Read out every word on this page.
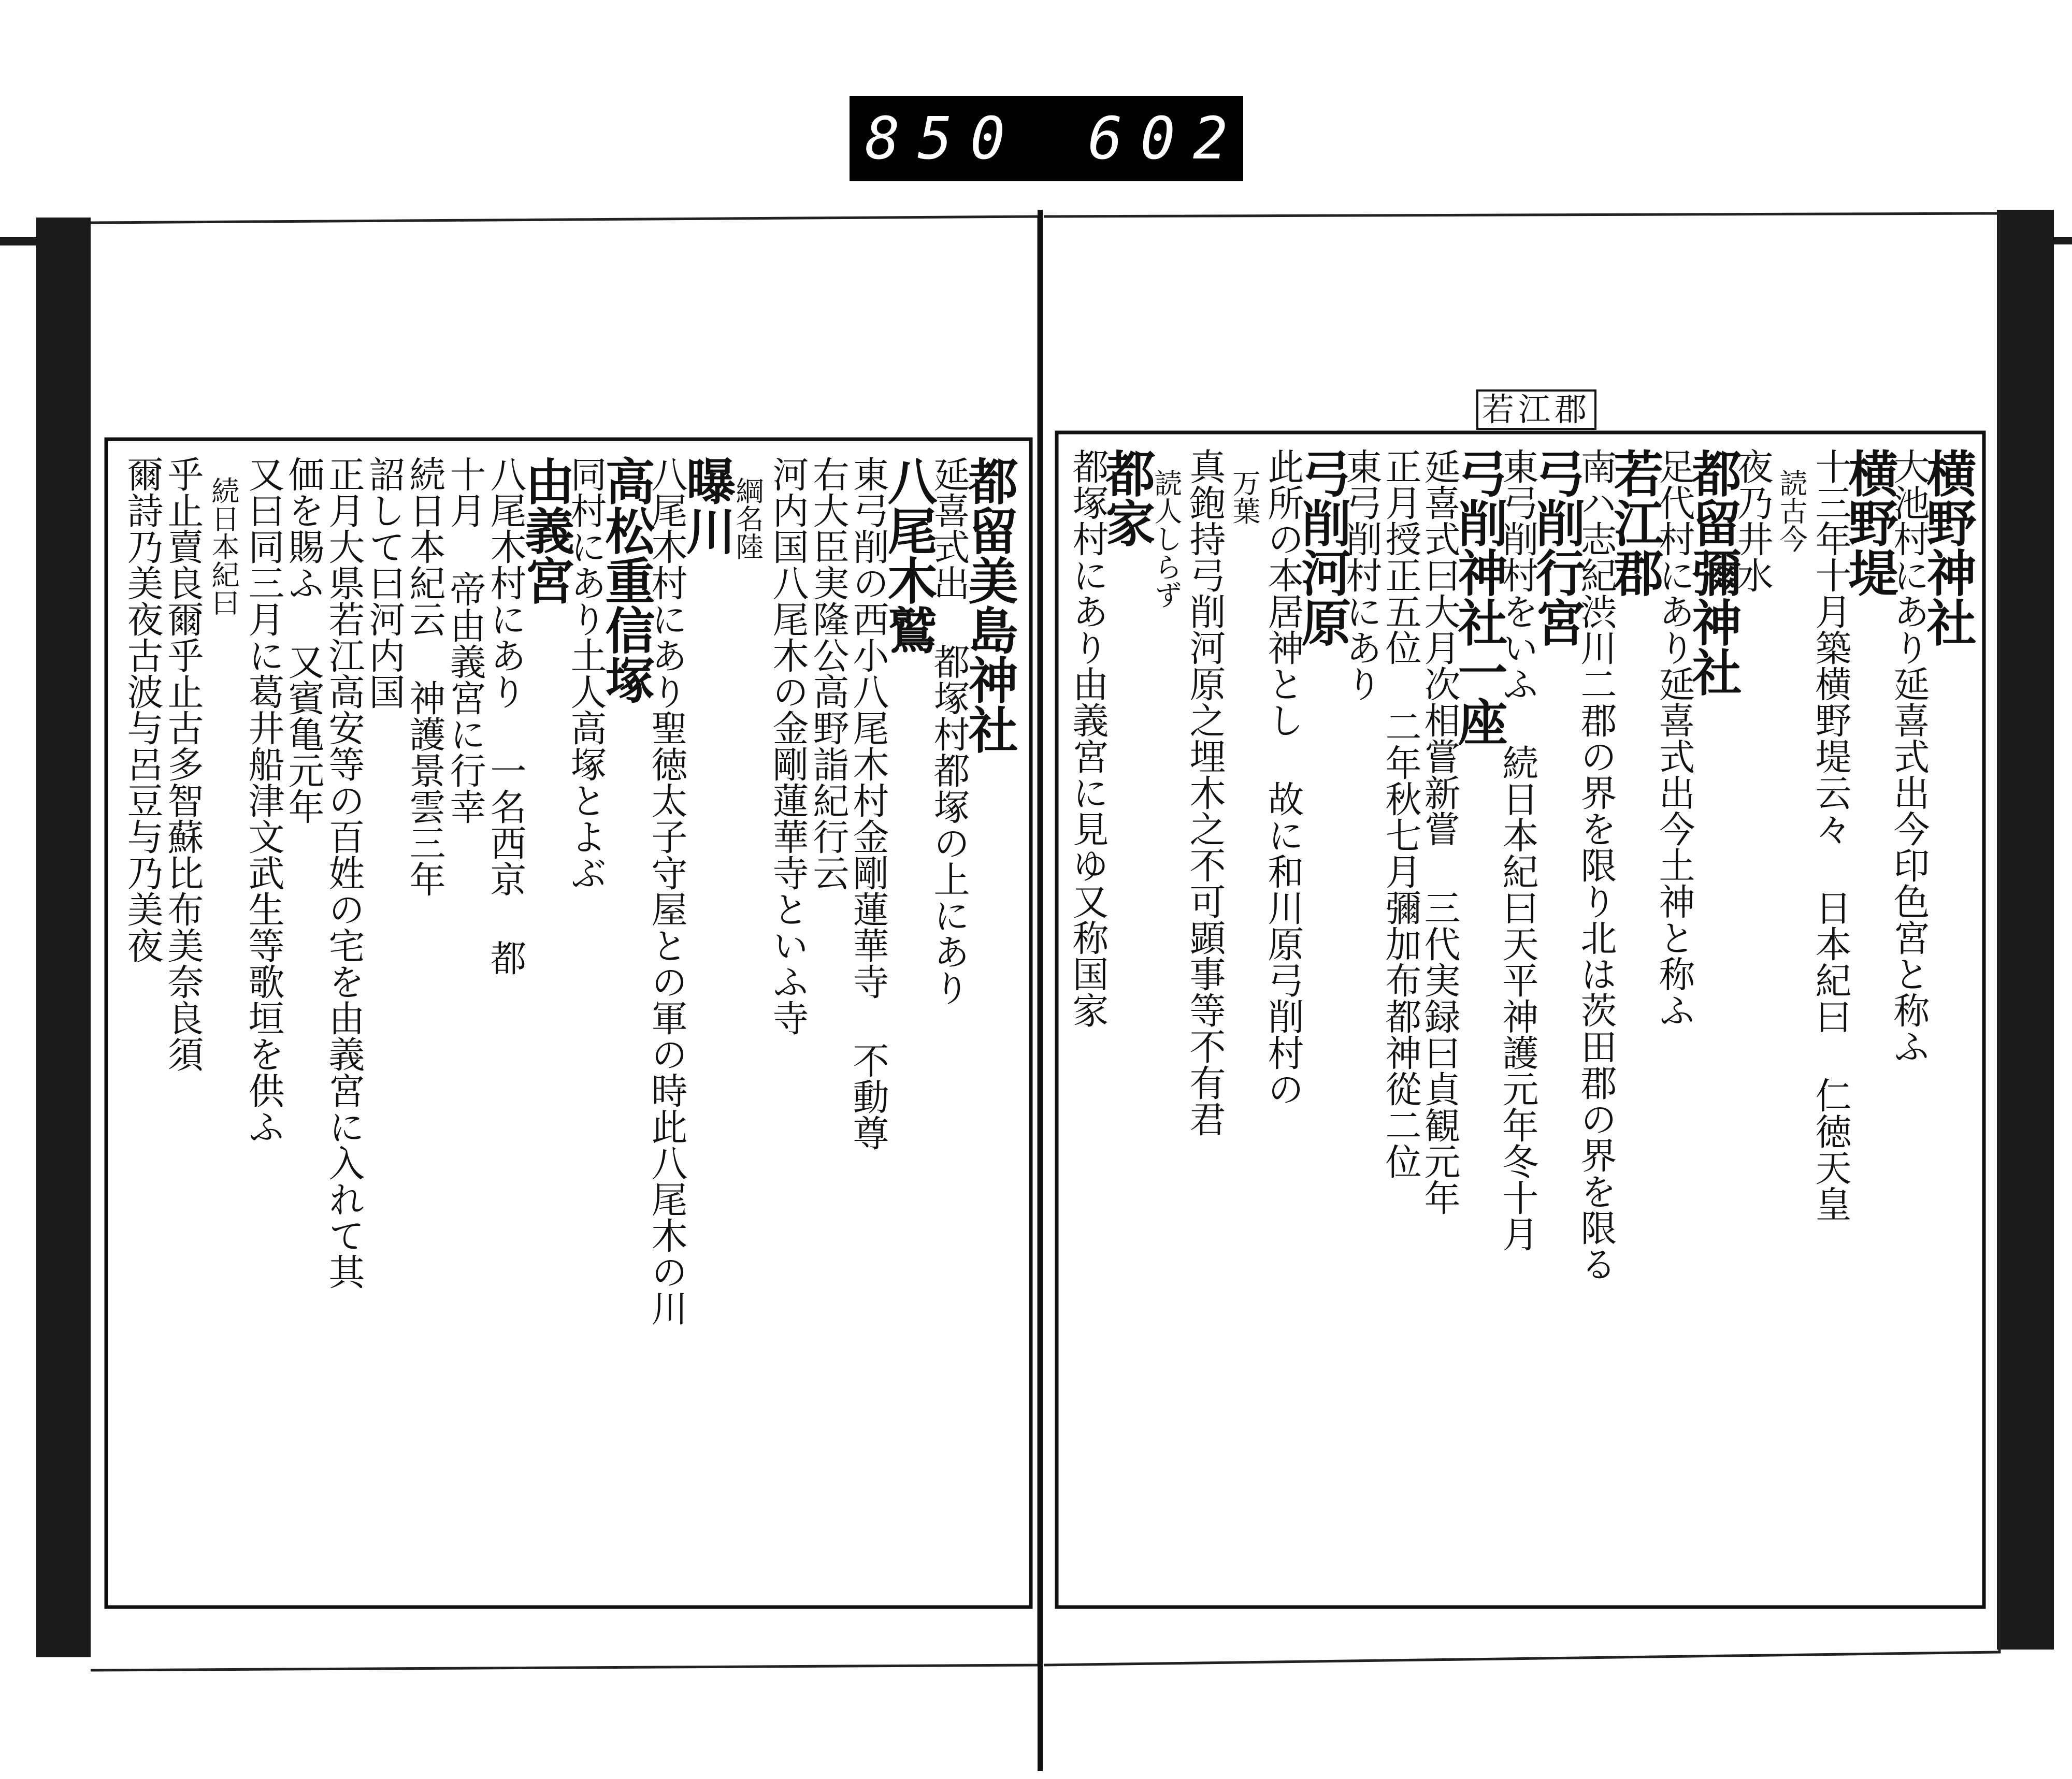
850 602.
若江郡

横野神社

大池村にあり延喜式出今印色宮と称ふ

横野堤

十三年十月築横野堤云々 日本紀曰 仁徳天皇

読古今

夜乃井水

都留彌神社

足代村にあり延喜式出今土神と称ふ

若江郡

南ハ志紀渋川二郡の界を限り北は茨田郡の界を限る

弓削行宮

東弓削村をいふ 続日本紀曰天平神護元年冬十月

弓削神社一座

延喜式曰大月次相嘗新嘗 三代実録曰貞観元年

正月授正五位 二年秋七月彌加布都神從二位

東弓削村にあり

弓削河原

此所の本居神とし 故に和川原弓削村の

万葉

真鉋持弓削河原之埋木之不可顕事等不有君

読人しらず

都家

都塚村にあり由義宮に見ゆ又称国家

都留美島神社

延喜式出 都塚村都塚の上にあり

八尾木鷲

東弓削の西小八尾木村金剛蓮華寺 不動尊

右大臣実隆公高野詣紀行云

河内国八尾木の金剛蓮華寺といふ寺

綱名陸

曝川

八尾木村にあり聖徳太子守屋との軍の時此八尾木の川

高松重信塚

同村にあり土人高塚とよぶ

由義宮

八尾木村にあり 一名西京 都

十月 帝由義宮に行幸

続日本紀云 神護景雲三年

詔して曰河内国

正月大県若江高安等の百姓の宅を由義宮に入れて其

価を賜ふ 又賓亀元年

又曰同三月に葛井船津文武生等歌垣を供ふ

続日本紀曰

乎止賣良爾乎止古多智蘇比布美奈良須

爾詩乃美夜古波与呂豆与乃美夜
